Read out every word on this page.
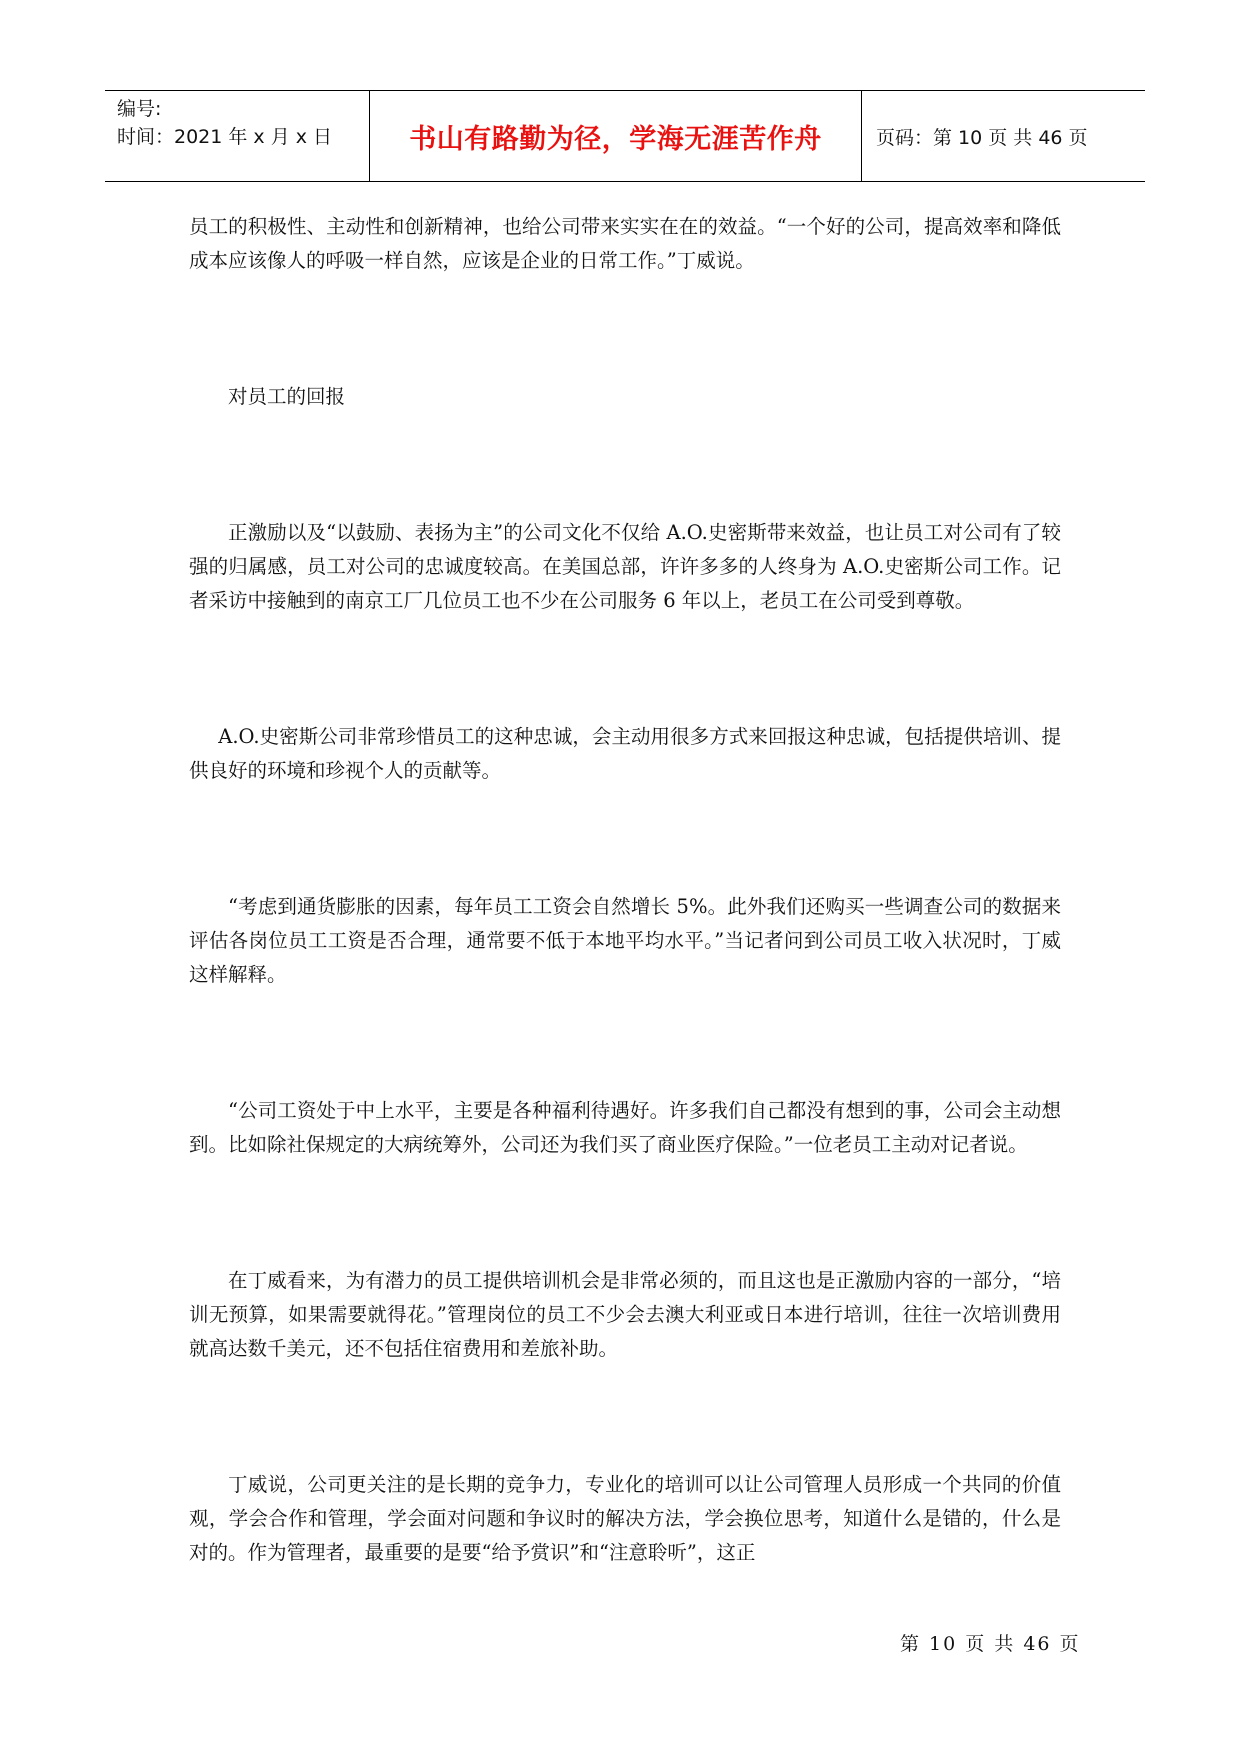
编号:
时间：2021 年 x 月 x 日	书山有路勤为径，学海无涯苦作舟	页码：第 10 页 共 46 页

员工的积极性、主动性和创新精神，也给公司带来实实在在的效益。“一个好的公司，提高效率和降低成本应该像人的呼吸一样自然，应该是企业的日常工作。”丁威说。

对员工的回报

正激励以及“以鼓励、表扬为主”的公司文化不仅给 A.O.史密斯带来效益，也让员工对公司有了较强的归属感，员工对公司的忠诚度较高。在美国总部，许许多多的人终身为 A.O.史密斯公司工作。记者采访中接触到的南京工厂几位员工也不少在公司服务 6 年以上，老员工在公司受到尊敬。

A.O.史密斯公司非常珍惜员工的这种忠诚，会主动用很多方式来回报这种忠诚，包括提供培训、提供良好的环境和珍视个人的贡献等。

“考虑到通货膨胀的因素，每年员工工资会自然增长 5%。此外我们还购买一些调查公司的数据来评估各岗位员工工资是否合理，通常要不低于本地平均水平。”当记者问到公司员工收入状况时，丁威这样解释。

“公司工资处于中上水平，主要是各种福利待遇好。许多我们自己都没有想到的事，公司会主动想到。比如除社保规定的大病统筹外，公司还为我们买了商业医疗保险。”一位老员工主动对记者说。

在丁威看来，为有潜力的员工提供培训机会是非常必须的，而且这也是正激励内容的一部分，“培训无预算，如果需要就得花。”管理岗位的员工不少会去澳大利亚或日本进行培训，往往一次培训费用就高达数千美元，还不包括住宿费用和差旅补助。

丁威说，公司更关注的是长期的竞争力，专业化的培训可以让公司管理人员形成一个共同的价值观，学会合作和管理，学会面对问题和争议时的解决方法，学会换位思考，知道什么是错的，什么是对的。作为管理者，最重要的是要“给予赏识”和“注意聆听”，这正

第 10 页 共 46 页
